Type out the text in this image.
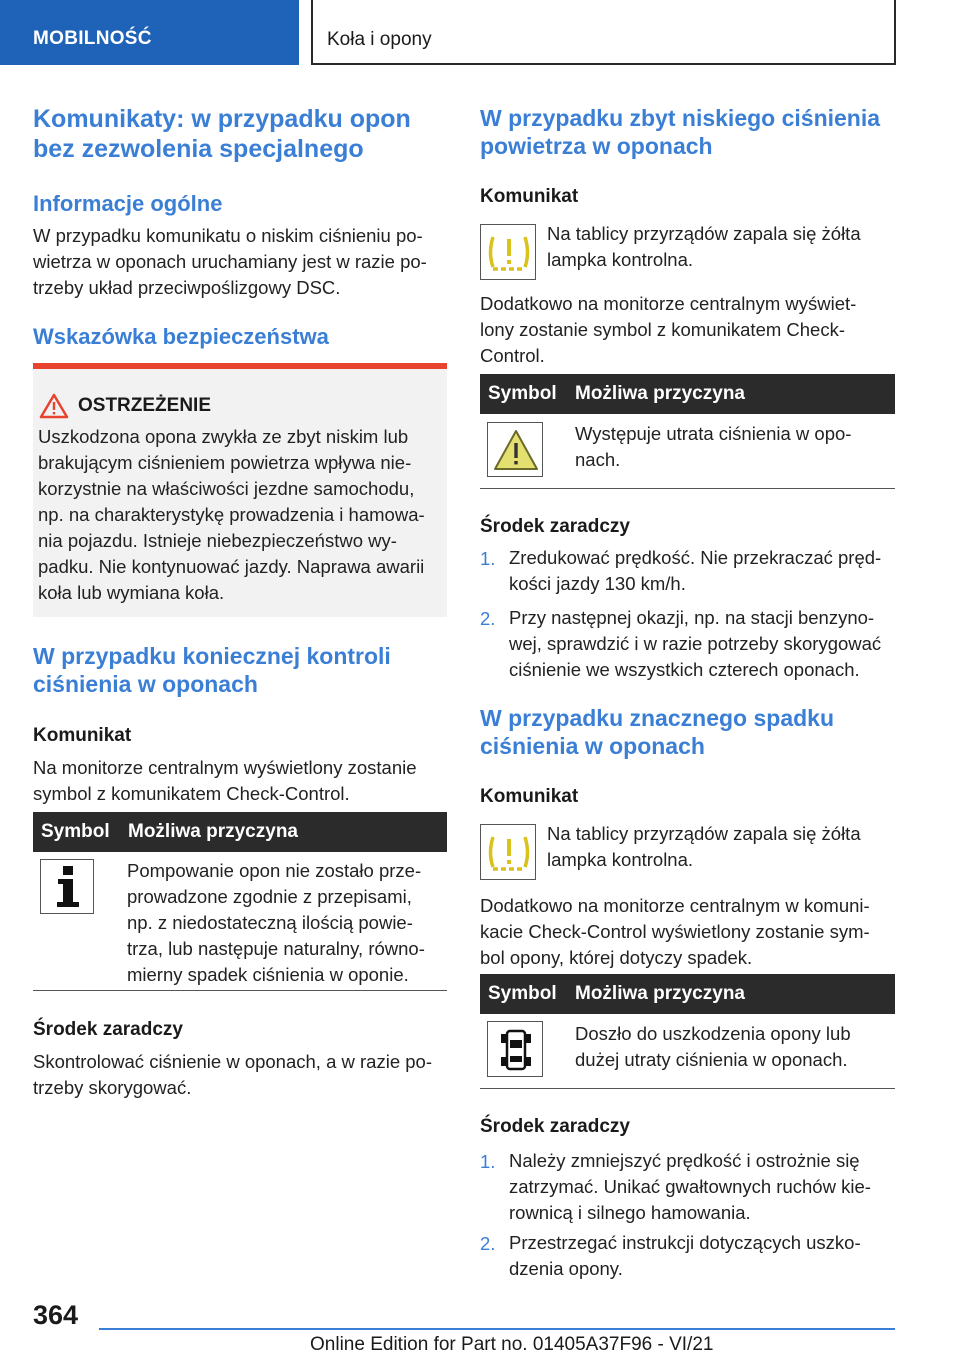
MOBILNOŚĆ	Koła i opony
Komunikaty: w przypadku opon bez zezwolenia specjalnego
Informacje ogólne
W przypadku komunikatu o niskim ciśnieniu po-wietrza w oponach uruchamiany jest w razie po-trzeby układ przeciwpoślizgowy DSC.
Wskazówka bezpieczeństwa
OSTRZEŻENIE
Uszkodzona opona zwykła ze zbyt niskim lub brakującym ciśnieniem powietrza wpływa nie-korzystnie na właściwości jezdne samochodu, np. na charakterystykę prowadzenia i hamowa-nia pojazdu. Istnieje niebezpieczeństwo wy-padku. Nie kontynuować jazdy. Naprawa awarii koła lub wymiana koła.
W przypadku koniecznej kontroli ciśnienia w oponach
Komunikat
Na monitorze centralnym wyświetlony zostanie symbol z komunikatem Check-Control.
Symbol Możliwa przyczyna
Pompowanie opon nie zostało prze-prowadzone zgodnie z przepisami, np. z niedostateczną ilością powie-trza, lub następuje naturalny, równo-mierny spadek ciśnienia w oponie.
Środek zaradczy
Skontrolować ciśnienie w oponach, a w razie po-trzeby skorygować.
W przypadku zbyt niskiego ciśnienia powietrza w oponach
Komunikat
Na tablicy przyrządów zapala się żółta lampka kontrolna.
Dodatkowo na monitorze centralnym wyświet-lony zostanie symbol z komunikatem Check-Control.
Symbol Możliwa przyczyna
Występuje utrata ciśnienia w opo-nach.
Środek zaradczy
1. Zredukować prędkość. Nie przekraczać pręd-kości jazdy 130 km/h.
2. Przy następnej okazji, np. na stacji benzyno-wej, sprawdzić i w razie potrzeby skorygować ciśnienie we wszystkich czterech oponach.
W przypadku znacznego spadku ciśnienia w oponach
Komunikat
Na tablicy przyrządów zapala się żółta lampka kontrolna.
Dodatkowo na monitorze centralnym w komuni-kacie Check-Control wyświetlony zostanie sym-bol opony, której dotyczy spadek.
Symbol Możliwa przyczyna
Doszło do uszkodzenia opony lub dużej utraty ciśnienia w oponach.
Środek zaradczy
1. Należy zmniejszyć prędkość i ostrożnie się zatrzymać. Unikać gwałtownych ruchów kie-rownicą i silnego hamowania.
2. Przestrzegać instrukcji dotyczących uszko-dzenia opony.
364
Online Edition for Part no. 01405A37F96 - VI/21
